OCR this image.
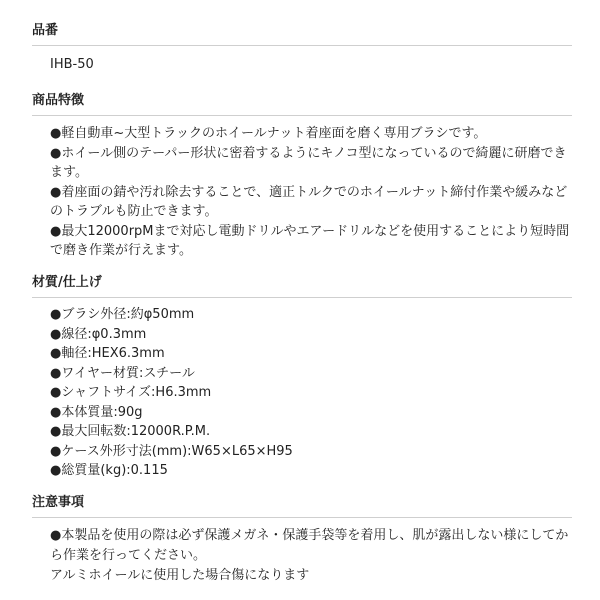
品番
IHB-50
商品特徴
●軽自動車~大型トラックのホイールナット着座面を磨く専用ブラシです。
●ホイール側のテーパー形状に密着するようにキノコ型になっているので綺麗に研磨できます。
●着座面の錆や汚れ除去することで、適正トルクでのホイールナット締付作業や緩みなどのトラブルも防止できます。
●最大12000rpMまで対応し電動ドリルやエアードリルなどを使用することにより短時間で磨き作業が行えます。
材質/仕上げ
●ブラシ外径:約φ50mm
●線径:φ0.3mm
●軸径:HEX6.3mm
●ワイヤー材質:スチール
●シャフトサイズ:H6.3mm
●本体質量:90g
●最大回転数:12000R.P.M.
●ケース外形寸法(mm):W65×L65×H95
●総質量(kg):0.115
注意事項
●本製品を使用の際は必ず保護メガネ・保護手袋等を着用し、肌が露出しない様にしてから作業を行ってください。
アルミホイールに使用した場合傷になります
